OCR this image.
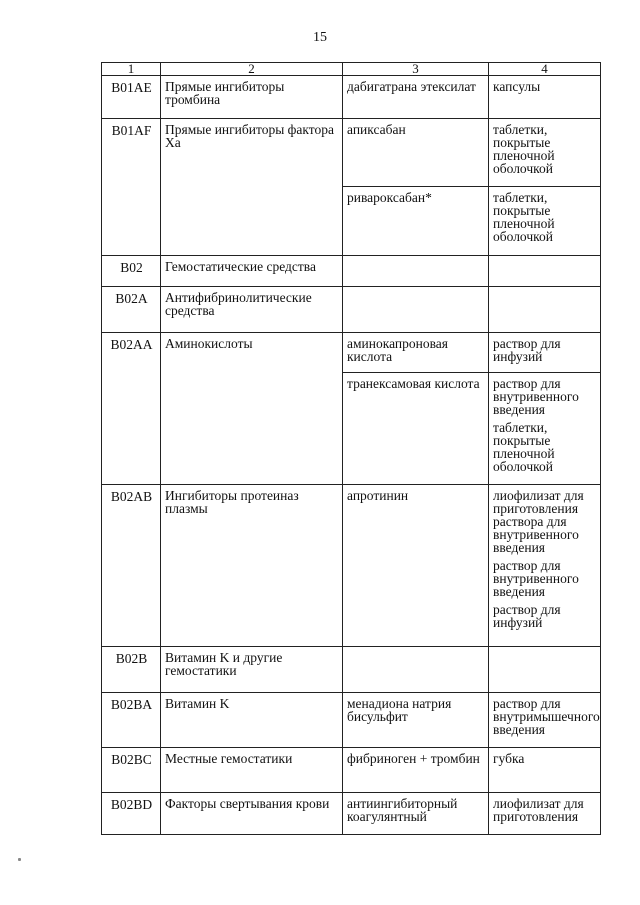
15
1	2	3	4

B01AE	Прямые ингибиторы тромбина	дабигатрана этексилат	капсулы

B01AF	Прямые ингибиторы фактора Xa	апиксабан	таблетки, покрытые пленочной оболочкой

		ривароксабан*	таблетки, покрытые пленочной оболочкой

B02	Гемостатические средства		

B02A	Антифибринолитические средства		

B02AA	Аминокислоты	аминокапроновая кислота	раствор для инфузий

		транексамовая кислота	раствор для внутривенного введения
таблетки, покрытые пленочной оболочкой

B02AB	Ингибиторы протеиназ плазмы	апротинин	лиофилизат для приготовления раствора для внутривенного введения
раствор для внутривенного введения
раствор для инфузий

B02B	Витамин K и другие гемостатики		

B02BA	Витамин K	менадиона натрия бисульфит	раствор для внутримышечного введения

B02BC	Местные гемостатики	фибриноген + тромбин	губка

B02BD	Факторы свертывания крови	антиингибиторный коагулянтный	лиофилизат для приготовления
